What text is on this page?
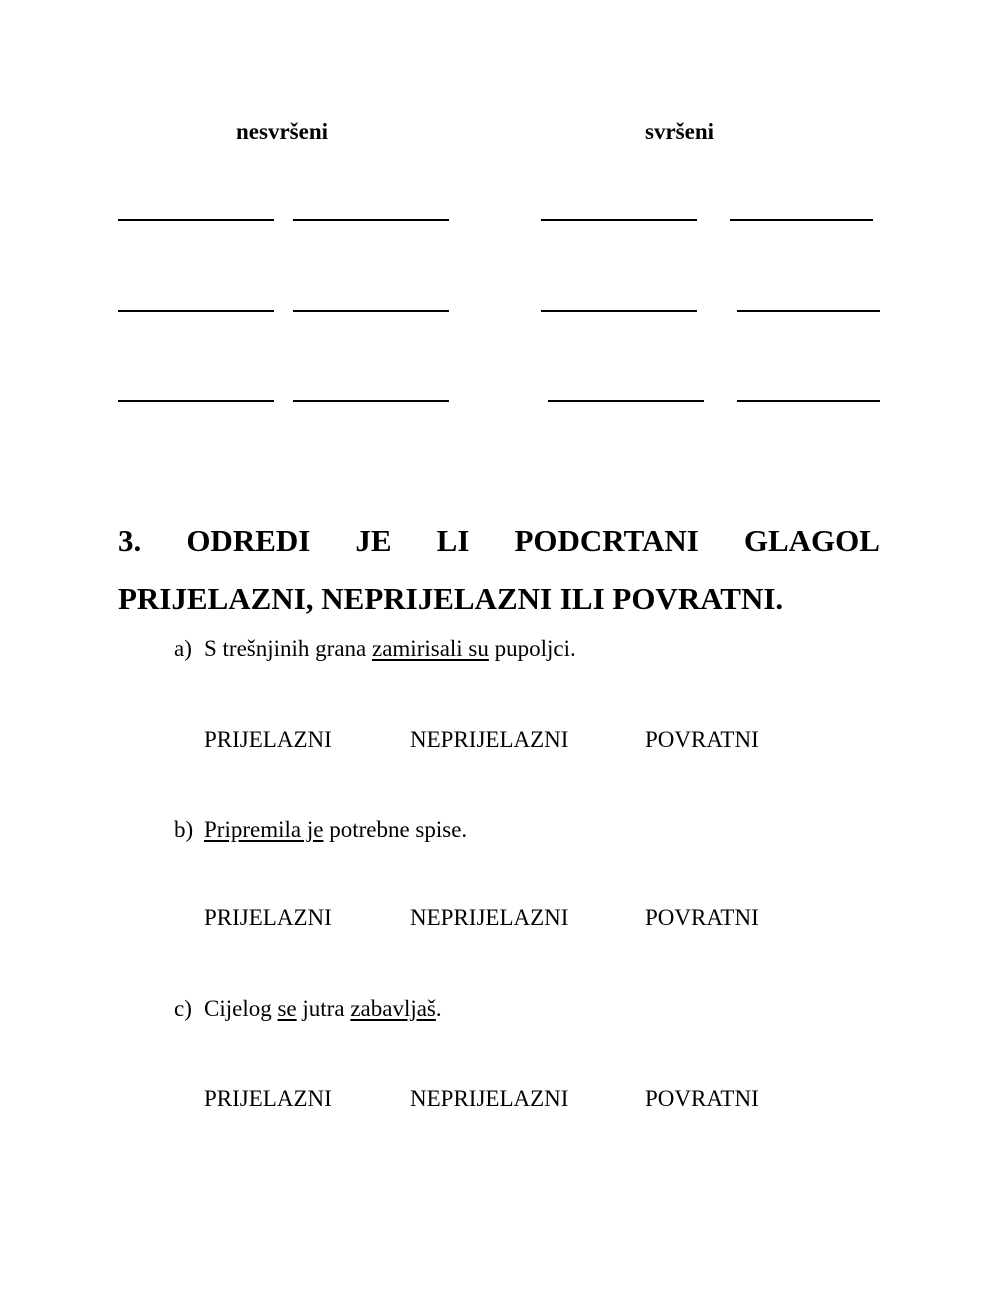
nesvršeni	svršeni
3. ODREDI JE LI PODCRTANI GLAGOL
PRIJELAZNI, NEPRIJELAZNI ILI POVRATNI.
a) S trešnjinih grana zamirisali su pupoljci.
PRIJELAZNI	NEPRIJELAZNI	POVRATNI
b) Pripremila je potrebne spise.
PRIJELAZNI	NEPRIJELAZNI	POVRATNI
c) Cijelog se jutra zabavljaš.
PRIJELAZNI	NEPRIJELAZNI	POVRATNI
